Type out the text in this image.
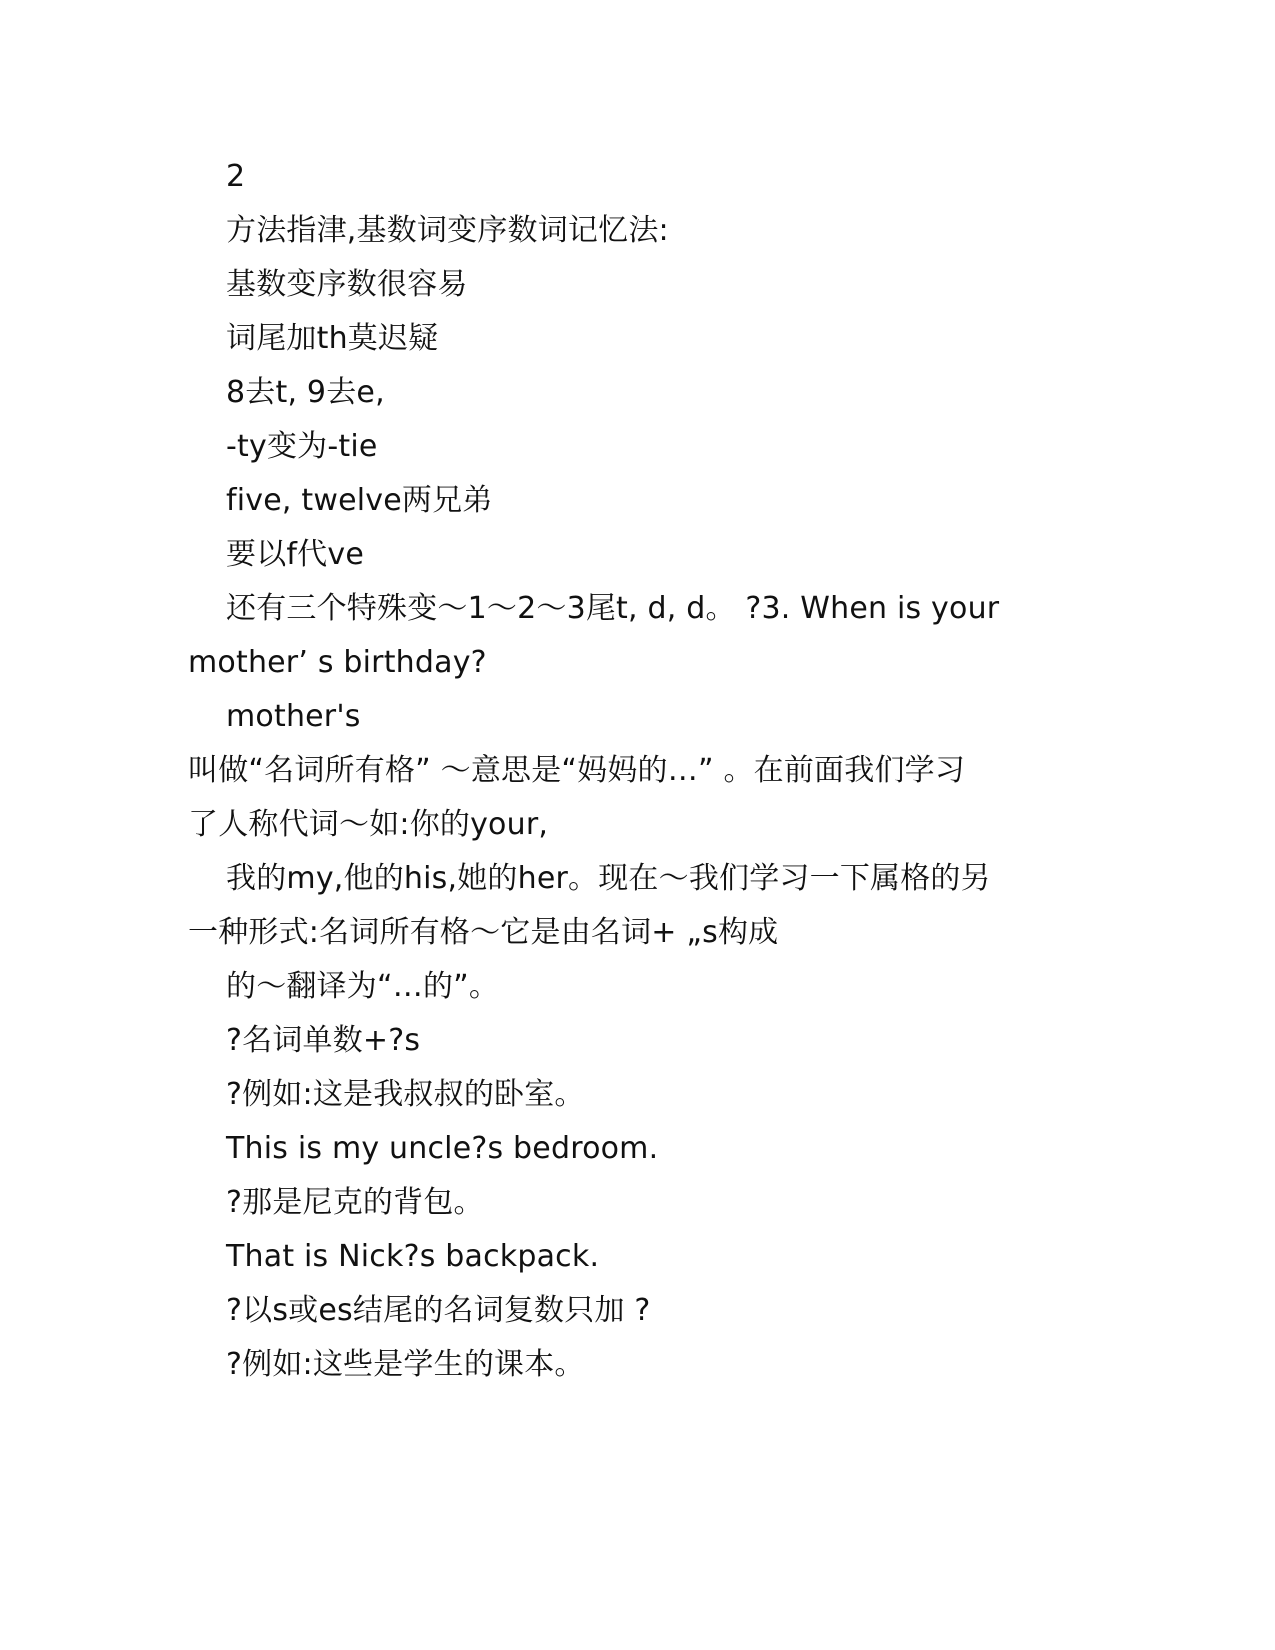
2
方法指津,基数词变序数词记忆法:
基数变序数很容易
词尾加th莫迟疑
8去t, 9去e,
-ty变为-tie
five, twelve两兄弟
要以f代ve
还有三个特殊变～1～2～3尾t, d, d。 ?3. When is your
mother’ s birthday?
mother's
叫做“名词所有格” ～意思是“妈妈的…” 。在前面我们学习
了人称代词～如:你的your,
我的my,他的his,她的her。现在～我们学习一下属格的另
一种形式:名词所有格～它是由名词+ „s构成
的～翻译为“…的”。
?名词单数+?s
?例如:这是我叔叔的卧室。
This is my uncle?s bedroom.
?那是尼克的背包。
That is Nick?s backpack.
?以s或es结尾的名词复数只加 ?
?例如:这些是学生的课本。
